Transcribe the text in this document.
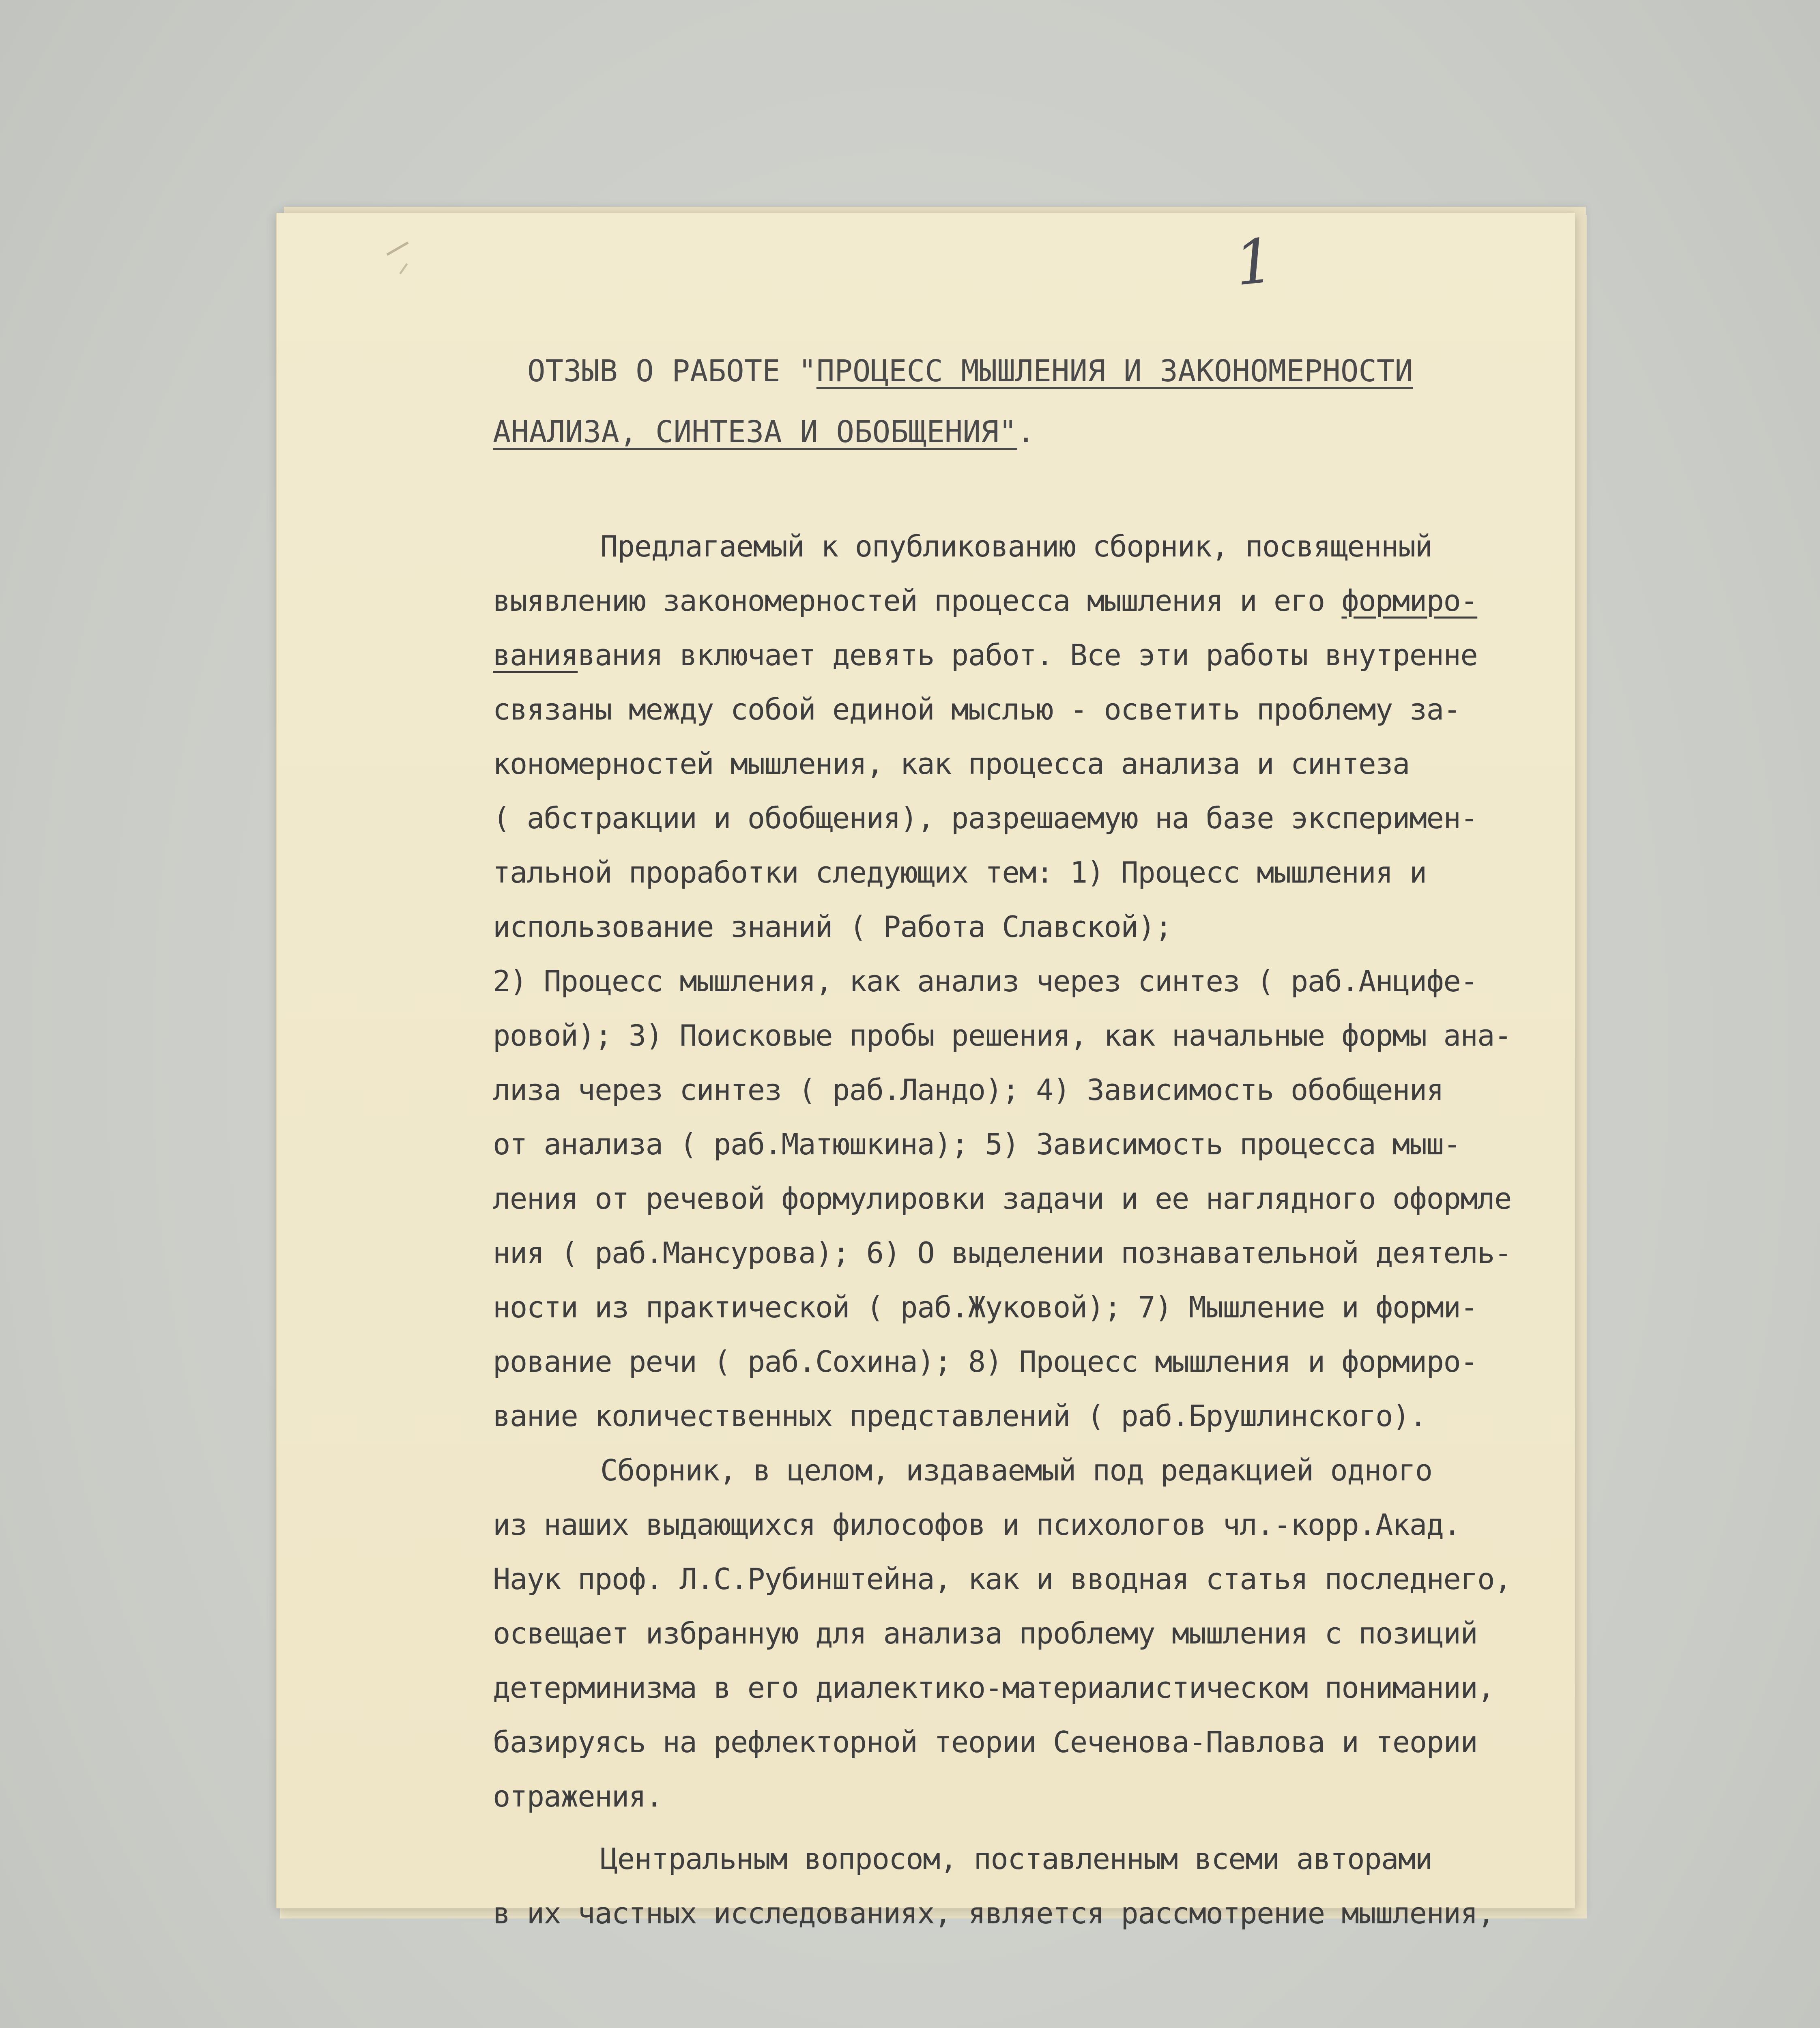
1
ОТЗЫВ О РАБОТЕ "ПРОЦЕСС МЫШЛЕНИЯ И ЗАКОНОМЕРНОСТИ
АНАЛИЗА, СИНТЕЗА И ОБОБЩЕНИЯ".
Предлагаемый к опубликованию сборник, посвященный
выявлению закономерностей процесса мышления и его формиро-
ваниявания включает девять работ. Все эти работы внутренне
связаны между собой единой мыслью - осветить проблему за-
кономерностей мышления, как процесса анализа и синтеза
( абстракции и обобщения), разрешаемую на базе эксперимен-
тальной проработки следующих тем: 1) Процесс мышления и
использование знаний ( Работа Славской);
2) Процесс мышления, как анализ через синтез ( раб.Анцифе-
ровой); 3) Поисковые пробы решения, как начальные формы ана-
лиза через синтез ( раб.Ландо); 4) Зависимость обобщения
от анализа ( раб.Матюшкина); 5) Зависимость процесса мыш-
ления от речевой формулировки задачи и ее наглядного оформле
ния ( раб.Мансурова); 6) О выделении познавательной деятель-
ности из практической ( раб.Жуковой); 7) Мышление и форми-
рование речи ( раб.Сохина); 8) Процесс мышления и формиро-
вание количественных представлений ( раб.Брушлинского).
Сборник, в целом, издаваемый под редакцией одного
из наших выдающихся философов и психологов чл.-корр.Акад.
Наук проф. Л.С.Рубинштейна, как и вводная статья последнего,
освещает избранную для анализа проблему мышления с позиций
детерминизма в его диалектико-материалистическом понимании,
базируясь на рефлекторной теории Сеченова-Павлова и теории
отражения.
Центральным вопросом, поставленным всеми авторами
в их частных исследованиях, является рассмотрение мышления,
